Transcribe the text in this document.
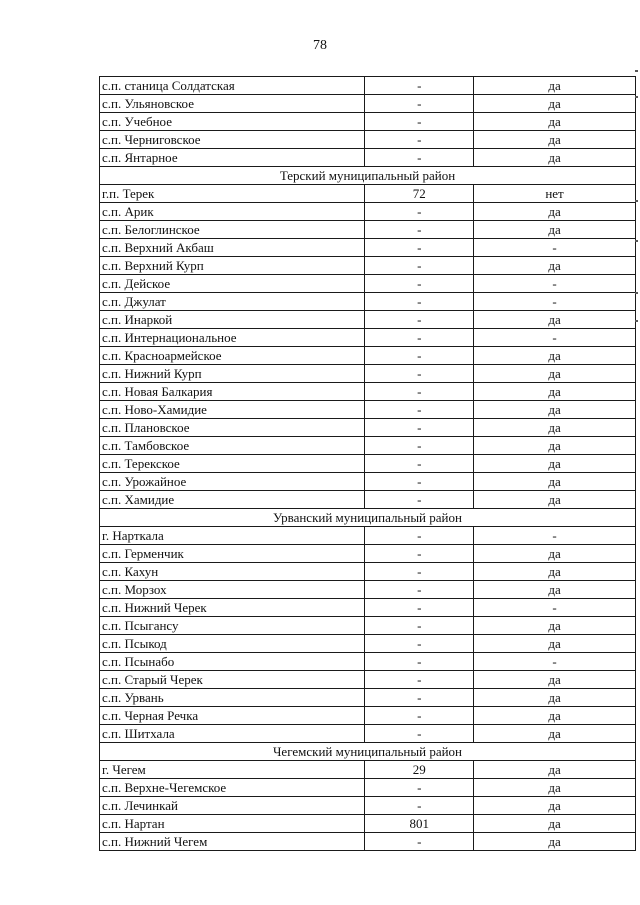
78
с.п. станица Солдатская	-	да
с.п. Ульяновское	-	да
с.п. Учебное	-	да
с.п. Черниговское	-	да
с.п. Янтарное	-	да
Терский муниципальный район		
г.п. Терек	72	нет
с.п. Арик	-	да
с.п. Белоглинское	-	да
с.п. Верхний Акбаш	-	-
с.п. Верхний Курп	-	да
с.п. Дейское	-	-
с.п. Джулат	-	-
с.п. Инаркой	-	да
с.п. Интернациональное	-	-
с.п. Красноармейское	-	да
с.п. Нижний Курп	-	да
с.п. Новая Балкария	-	да
с.п. Ново-Хамидие	-	да
с.п. Плановское	-	да
с.п. Тамбовское	-	да
с.п. Терекское	-	да
с.п. Урожайное	-	да
с.п. Хамидие	-	да
Урванский муниципальный район		
г. Нарткала	-	-
с.п. Герменчик	-	да
с.п. Кахун	-	да
с.п. Морзох	-	да
с.п. Нижний Черек	-	-
с.п. Псыгансу	-	да
с.п. Псыкод	-	да
с.п. Псынабо	-	-
с.п. Старый Черек	-	да
с.п. Урвань	-	да
с.п. Черная Речка	-	да
с.п. Шитхала	-	да
Чегемский муниципальный район		
г. Чегем	29	да
с.п. Верхне-Чегемское	-	да
с.п. Лечинкай	-	да
с.п. Нартан	801	да
с.п. Нижний Чегем	-	да
